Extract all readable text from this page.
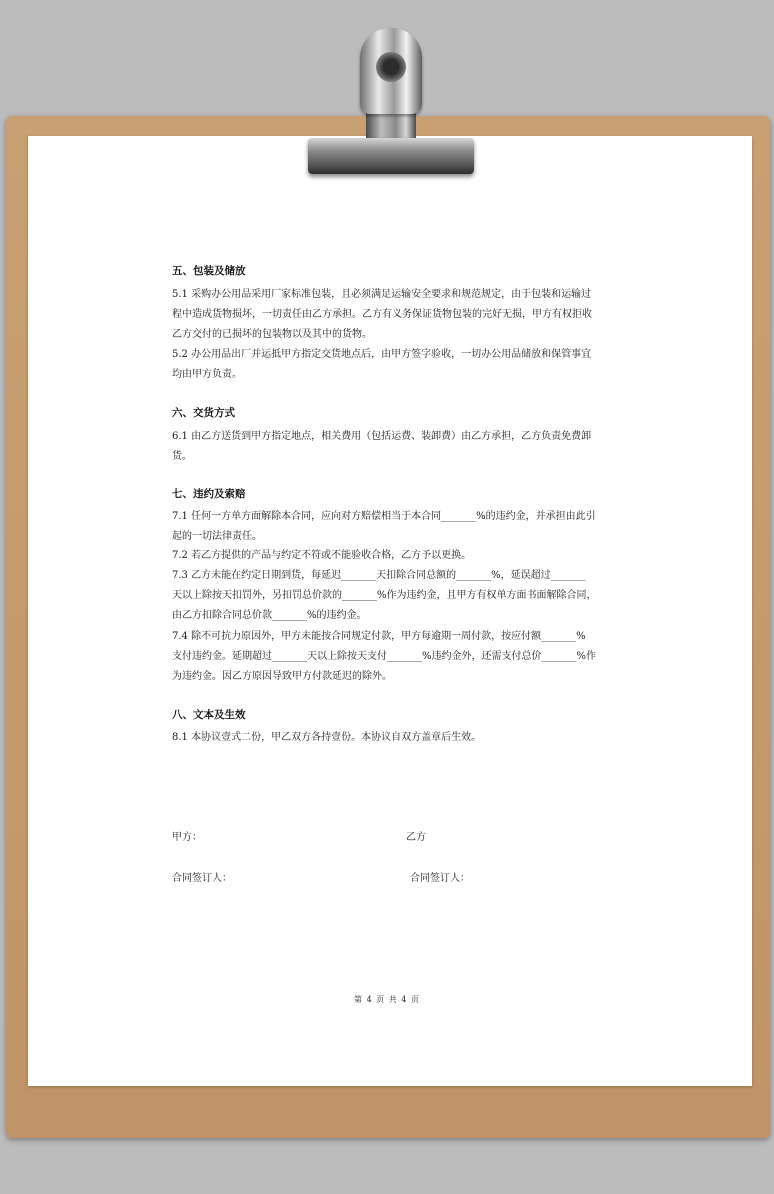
五、包装及储放
5.1 采购办公用品采用厂家标准包装，且必须满足运输安全要求和规范规定，由于包装和运输过
程中造成货物损坏，一切责任由乙方承担。乙方有义务保证货物包装的完好无损，甲方有权拒收
乙方交付的已损坏的包装物以及其中的货物。
5.2 办公用品出厂并运抵甲方指定交货地点后，由甲方签字验收，一切办公用品储放和保管事宜
均由甲方负责。
六、交货方式
6.1 由乙方送货到甲方指定地点，相关费用（包括运费、装卸费）由乙方承担，乙方负责免费卸
货。
七、违约及索赔
7.1 任何一方单方面解除本合同，应向对方赔偿相当于本合同_______%的违约金，并承担由此引
起的一切法律责任。
7.2 若乙方提供的产品与约定不符或不能验收合格，乙方予以更换。
7.3 乙方未能在约定日期到货，每延迟_______天扣除合同总额的_______%，延误超过_______
天以上除按天扣罚外，另扣罚总价款的_______%作为违约金，且甲方有权单方面书面解除合同，
由乙方扣除合同总价款_______%的违约金。
7.4 除不可抗力原因外，甲方未能按合同规定付款，甲方每逾期一周付款，按应付额_______%
支付违约金。延期超过_______天以上除按天支付_______%违约金外，还需支付总价_______%作
为违约金。因乙方原因导致甲方付款延迟的除外。
八、文本及生效
8.1 本协议壹式二份，甲乙双方各持壹份。本协议自双方盖章后生效。
甲方：	乙方
合同签订人：	合同签订人：
第 4 页 共 4 页
